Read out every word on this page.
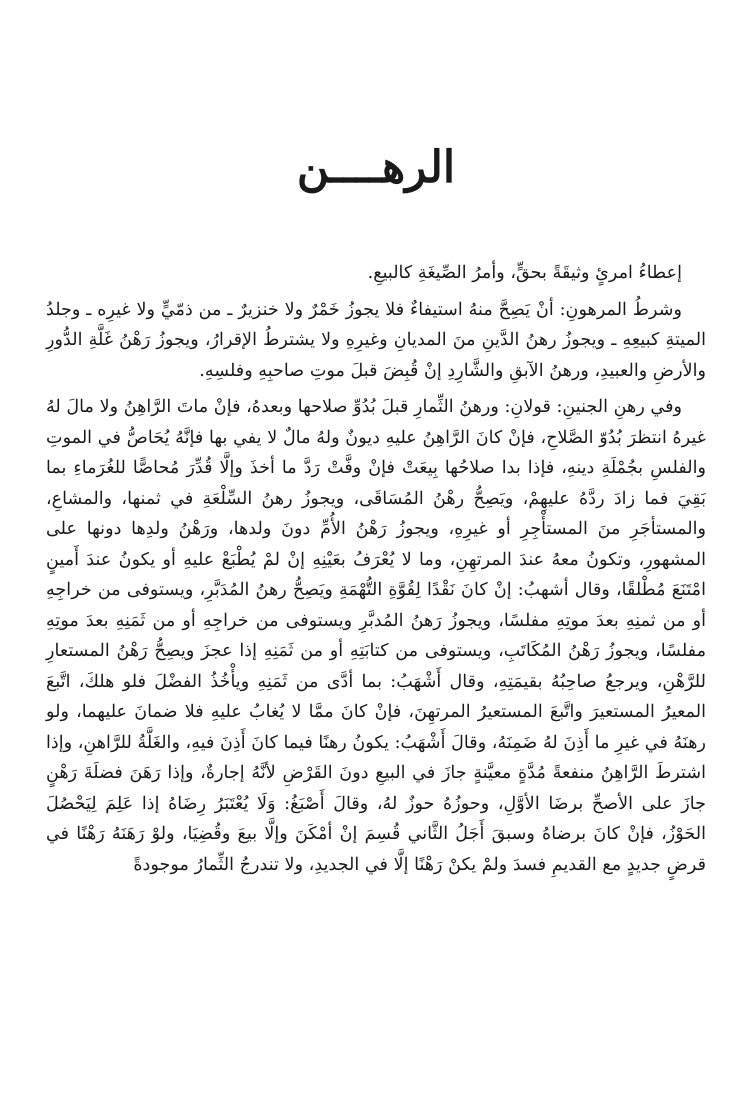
الرهــــن

إعطاءُ امرئٍ وثيقَةً بحقٍّ، وأمرُ الصِّيغَةِ كالبيعِ.

وشرطُ المرهونِ: أنْ يَصِحَّ منهُ استيفاءٌ فلا يجوزُ خَمْرٌ ولا خنزيرٌ ـ من ذمّيٍّ ولا غيرِه ـ وجلدُ الميتةِ كبيعِهِ ـ ويجوزُ رهنُ الدَّينِ منَ المديانِ وغيرِهِ ولا يشترطُ الإقرارُ، ويجوزُ رَهْنُ غَلَّةِ الدُّورِ والأرضِ والعبيدِ، ورهنُ الآبقِ والشَّارِدِ إنْ قُبِضَ قبلَ موتِ صاحبِهِ وفلسِهِ.

وفي رهنِ الجنينِ: قولانِ: ورهنُ الثِّمارِ قبلَ بُدُوِّ صلاحها وبعدهُ، فإنْ ماتَ الرَّاهِنُ ولا مالَ لهُ غيرهُ انتظرَ بُدُوّ الصَّلاحِ، فإنْ كانَ الرَّاهِنُ عليهِ ديونٌ ولهُ مالٌ لا يفي بها فإنَّهُ يُحَاصُّ في الموتِ والفلسِ بجُمْلَةِ دينهِ، فإذا بدا صلاحُها بِيعَتْ فإنْ وفَّتْ رَدَّ ما أخذَ وإلَّا قُدِّرَ مُحاصًّا للغُرَماءِ بما بَقِيَ فما زادَ ردَّهُ عليهِمْ، ويَصِحُّ رهْنُ المُسَاقَى، ويجوزُ رهنُ السِّلْعَةِ في ثمنها، والمشاعِ، والمستأجَرِ منَ المستأْجِرِ أو غيرِهِ، ويجوزُ رَهْنُ الأُمِّ دونَ ولدها، ورَهْنُ ولدِها دونها على المشهورِ، وتكونُ معهُ عندَ المرتهِنِ، وما لا يُعْرَفُ بعَيْنِهِ إنْ لمْ يُطْبَعْ عليهِ أو يكونُ عندَ أَمينٍ امْتَنَعَ مُطْلقًا، وقال أشهبُ: إنْ كانَ نَقْدًا لِقُوَّةِ التُّهْمَةِ ويَصِحُّ رهنُ المُدَبَّرِ، ويستوفى من خراجِهِ أو من ثمنِهِ بعدَ موتِهِ مفلسًا، ويجوزُ رَهنُ المُدبَّرِ ويستوفى من خراجِهِ أو من ثَمَنِهِ بعدَ موتِهِ مفلسًا، ويجوزُ رَهْنُ المُكَاتَبِ، ويستوفى من كتابَتِهِ أو من ثَمَنِهِ إذا عجزَ ويصِحُّ رَهْنُ المستعارِ للرَّهْنِ، ويرجعُ صاحِبُهُ بقيمَتِهِ، وقال أَشْهَبُ: بما أدَّى من ثَمَنِهِ ويأْخُذُ الفضْلَ فلو هلكَ، اتَّبعَ المعيرُ المستعيرَ واتَّبعَ المستعيرُ المرتهِنَ، فإنْ كانَ ممَّا لا يُغابُ عليهِ فلا ضمانَ عليهما، ولو رهنَهُ في غيرِ ما أَذِنَ لهُ ضَمِنَهُ، وقالَ أَشْهَبُ: يكونُ رهنًا فيما كانَ أَذِنَ فيهِ، والغَلَّةُ للرَّاهنِ، وإذا اشترطَ الرَّاهِنُ منفعةً مُدَّةٍ معيَّنةٍ جازَ في البيعِ دونَ القَرْضِ لأنَّهُ إجارةٌ، وإذا رَهَنَ فضلَةَ رَهْنٍ جازَ على الأصحِّ برضَا الأوَّلِ، وحوزُهُ حوزٌ لهُ، وقالَ أَصْبَغُ: وَلَا يُعْتَبَرُ رِضَاهُ إذا عَلِمَ لِيَحْصُلَ الحَوْزُ، فإنْ كانَ برضاهُ وسبقَ أَجَلُ الثَّاني قُسِمَ إنْ أمْكَنَ وإلَّا بيعَ وقُضِيَا، ولوْ رَهَنَهُ رَهْنًا في قرضٍ جديدٍ مع القديمِ فسدَ ولمْ يكنْ رَهْنًا إلَّا في الجديدِ، ولا تندرجُ الثِّمارُ موجودةً
